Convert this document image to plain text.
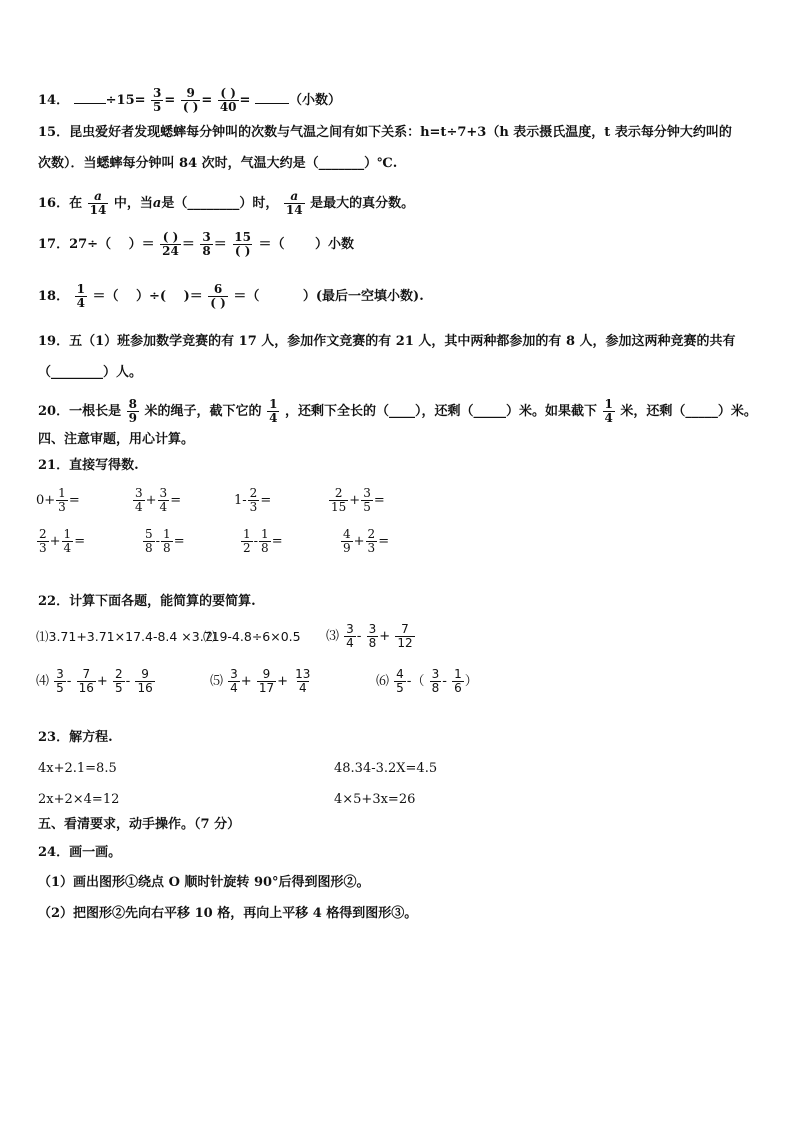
14．	$\div 15= \frac{3}{5} = 9$
( ) = ( )
40 =	（小数）
15．昆虫爱好者发现蟋蟀每分钟叫的次数与气温之间有如下关系：h=t÷7+3（h 表示摄氏温度，t 表示每分钟大约叫的
次数）．当蟋蟀每分钟叫 84 次时，气温大约是（_______）℃.
16．在 $\frac{a}{14}$ 中，当a是（________）时， $\frac{a}{14}$ 是最大的真分数。
17．27÷（　 ）＝ ( )
$24 = \frac{3}{8} = 15$
( ) ＝（　　 ）小数
18． $\frac{1}{4}$ ＝（　 ）÷(　 )＝ 6
( ) ＝（　　　 ）(最后一空填小数).
19．五（1）班参加数学竞赛的有 17 人，参加作文竞赛的有 21 人，其中两种都参加的有 8 人，参加这两种竞赛的共有
（________）人。
20．一根长是 $\frac{8}{9}$ 米的绳子，截下它的 $\frac{1}{4}$ ，还剩下全长的（____），还剩（_____）米。如果截下 $\frac{1}{4}$ 米，还剩（_____）米。
四、注意审题，用心计算。
21．直接写得数.
$0+ \frac{1}{3}$ =	$\frac{3}{4} + \frac{3}{4}$ =	$1- \frac{2}{3}$ =	$\frac{2}{15} + \frac{3}{5}$ =
$\frac{2}{3} + \frac{1}{4}$ =	$\frac{5}{8} - \frac{1}{8}$ =	$\frac{1}{2} - \frac{1}{8}$ =	$\frac{4}{9} + \frac{2}{3}$ =
22．计算下面各题，能简算的要简算.
⑴3.71+3.71×17.4-8.4 ×3.71
⑵ 9-4.8÷6×0.5 ⑶ $\frac{3}{4} - \frac{3}{8} + \frac{7}{12}$
⑷ $\frac{3}{5} - \frac{7}{16} + \frac{2}{5} - \frac{9}{16}$	⑸ $\frac{3}{4} + \frac{9}{17} + \frac{13}{4}$	⑹ $\frac{4}{5}$ -（ $\frac{3}{8} - \frac{1}{6}$ ）
23．解方程.
4x+2.1=8.5	48.34-3.2X=4.5
2x+2×4=12	4×5+3x=26
五、看清要求，动手操作。（7 分）
24．画一画。
（1）画出图形①绕点 O 顺时针旋转 90°后得到图形②。
（2）把图形②先向右平移 10 格，再向上平移 4 格得到图形③。
